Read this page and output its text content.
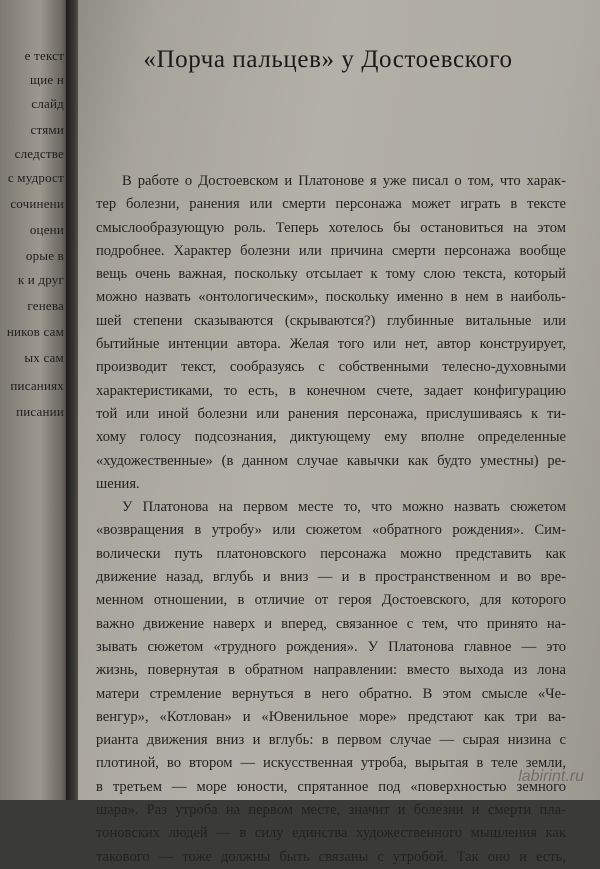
e текст
щие н
слайд
стями
следстве
с мудрост
сочинени
оцени
орые в
к и друг
генева
ников сам
ых сам
писаниях
писании
«Порча пальцев» у Достоевского
В работе о Достоевском и Платонове я уже писал о том, что харак-
тер болезни, ранения или смерти персонажа может играть в тексте
смыслообразующую роль. Теперь хотелось бы остановиться на этом
подробнее. Характер болезни или причина смерти персонажа вообще
вещь очень важная, поскольку отсылает к тому слою текста, который
можно назвать «онтологическим», поскольку именно в нем в наиболь-
шей степени сказываются (скрываются?) глубинные витальные или
бытийные интенции автора. Желая того или нет, автор конструирует,
производит текст, сообразуясь с собственными телесно-духовными
характеристиками, то есть, в конечном счете, задает конфигурацию
той или иной болезни или ранения персонажа, прислушиваясь к ти-
хому голосу подсознания, диктующему ему вполне определенные
«художественные» (в данном случае кавычки как будто уместны) ре-
шения.
У Платонова на первом месте то, что можно назвать сюжетом
«возвращения в утробу» или сюжетом «обратного рождения». Сим-
волически путь платоновского персонажа можно представить как
движение назад, вглубь и вниз — и в пространственном и во вре-
менном отношении, в отличие от героя Достоевского, для которого
важно движение наверх и вперед, связанное с тем, что принято на-
зывать сюжетом «трудного рождения». У Платонова главное — это
жизнь, повернутая в обратном направлении: вместо выхода из лона
матери стремление вернуться в него обратно. В этом смысле «Че-
венгур», «Котлован» и «Ювенильное море» предстают как три ва-
рианта движения вниз и вглубь: в первом случае — сырая низина с
плотиной, во втором — искусственная утроба, вырытая в теле земли,
в третьем — море юности, спрятанное под «поверхностью земного
шара». Раз утроба на первом месте, значит и болезни и смерти пла-
тоновских людей — в силу единства художественного мышления как
такового — тоже должны быть связаны с утробой. Так оно и есть,
labirint.ru
